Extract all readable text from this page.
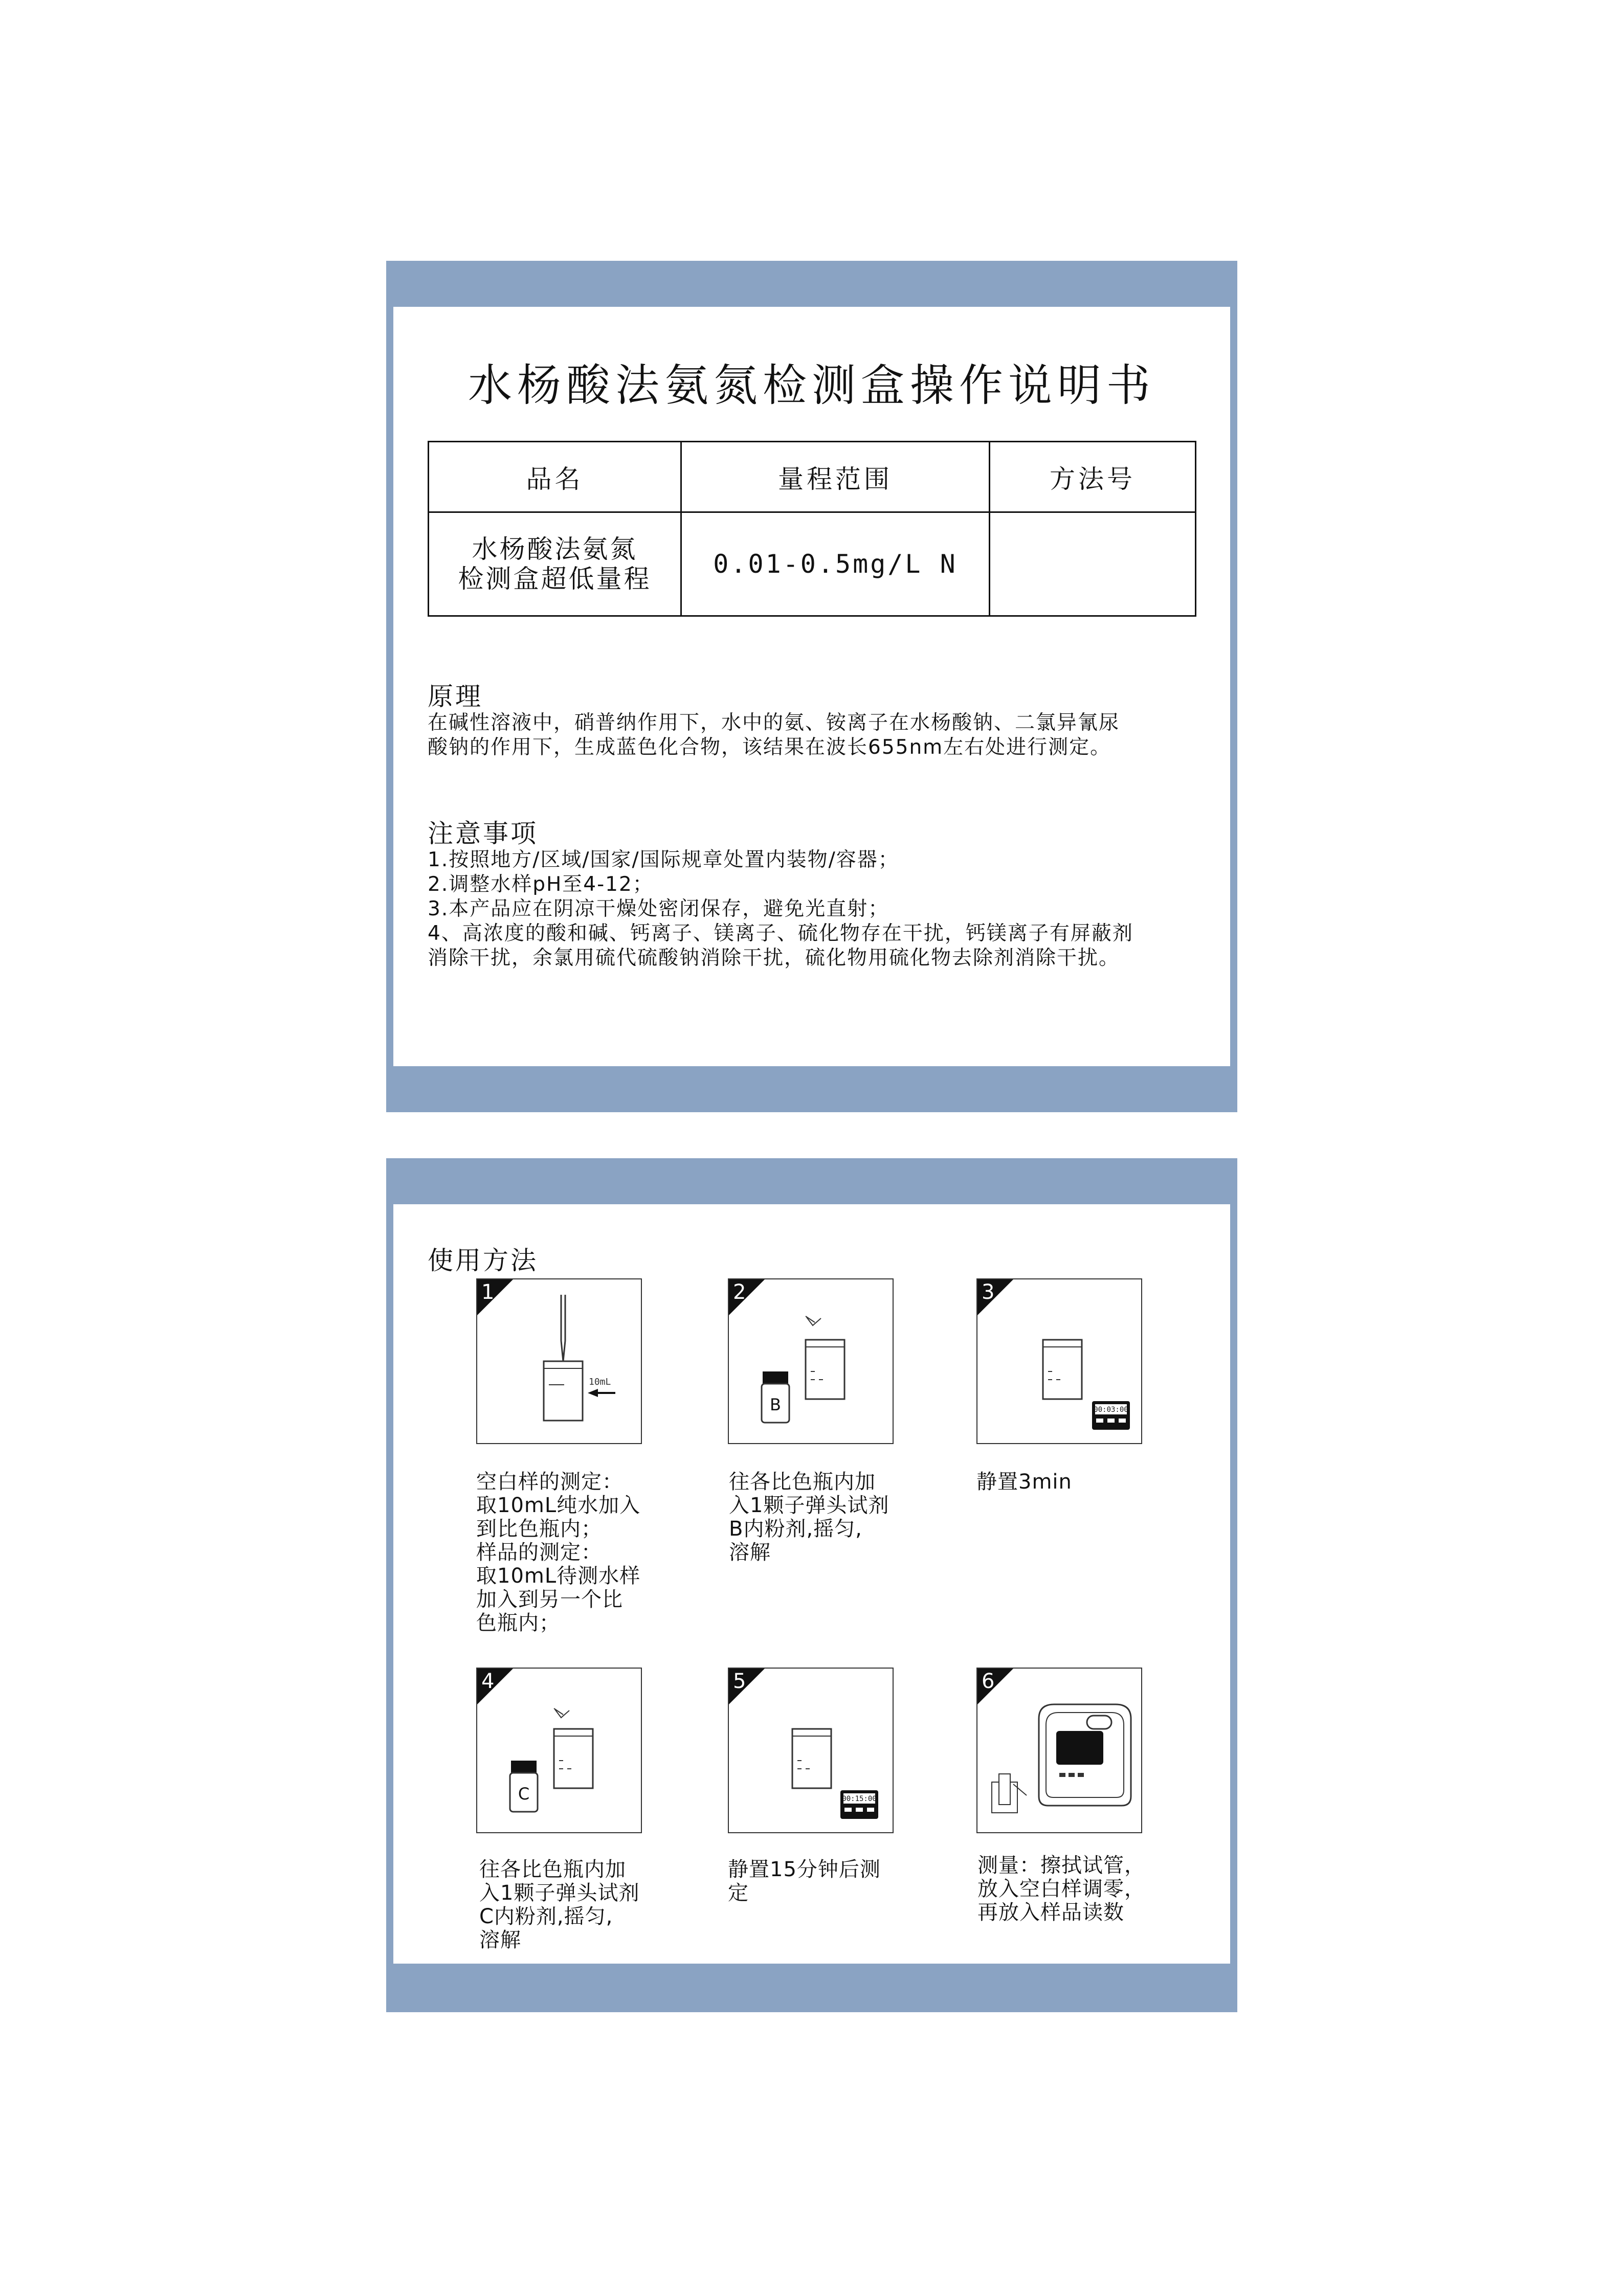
水杨酸法氨氮检测盒操作说明书
品名	量程范围	方法号

水杨酸法氨氮
检测盒超低量程	0.01-0.5mg/L N	
原理
在碱性溶液中，硝普纳作用下，水中的氨、铵离子在水杨酸钠、二氯异氰尿
酸钠的作用下，生成蓝色化合物，该结果在波长655nm左右处进行测定。
注意事项
1.按照地方/区域/国家/国际规章处置内装物/容器；
2.调整水样pH至4-12；
3.本产品应在阴凉干燥处密闭保存，避免光直射；
4、高浓度的酸和碱、钙离子、镁离子、硫化物存在干扰，钙镁离子有屏蔽剂
消除干扰，余氯用硫代硫酸钠消除干扰，硫化物用硫化物去除剂消除干扰。
使用方法
10mL
1
空白样的测定：
取10mL纯水加入
到比色瓶内；
样品的测定：
取10mL待测水样
加入到另一个比
色瓶内；
B
2
往各比色瓶内加
入1颗子弹头试剂
B内粉剂,摇匀,
溶解
00:03:00
3
静置3min
C
4
往各比色瓶内加
入1颗子弹头试剂
C内粉剂,摇匀,
溶解
00:15:00
5
静置15分钟后测
定
6
测量：擦拭试管，
放入空白样调零，
再放入样品读数
